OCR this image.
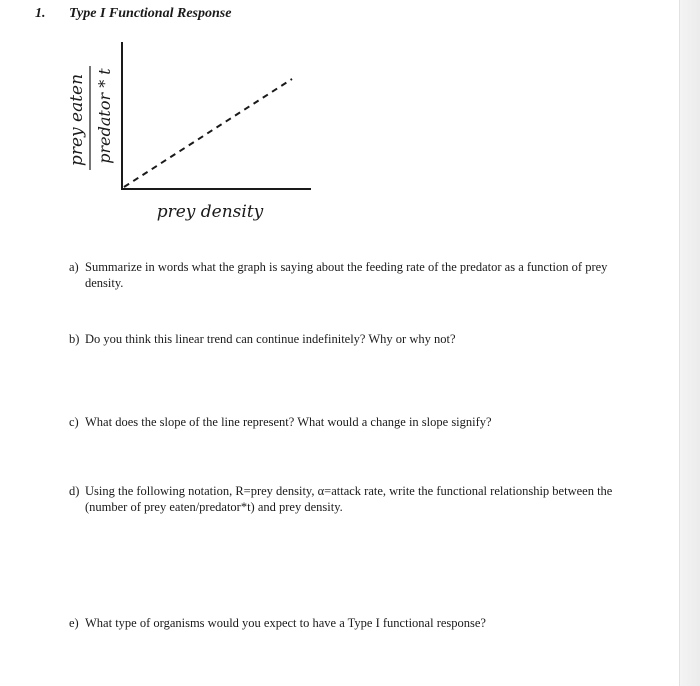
1. Type I Functional Response
prey eaten predator * t
prey density
a) Summarize in words what the graph is saying about the feeding rate of the predator as a function of prey density.
b) Do you think this linear trend can continue indefinitely? Why or why not?
c) What does the slope of the line represent? What would a change in slope signify?
d) Using the following notation, R=prey density, α=attack rate, write the functional relationship between the (number of prey eaten/predator*t) and prey density.
e) What type of organisms would you expect to have a Type I functional response?
